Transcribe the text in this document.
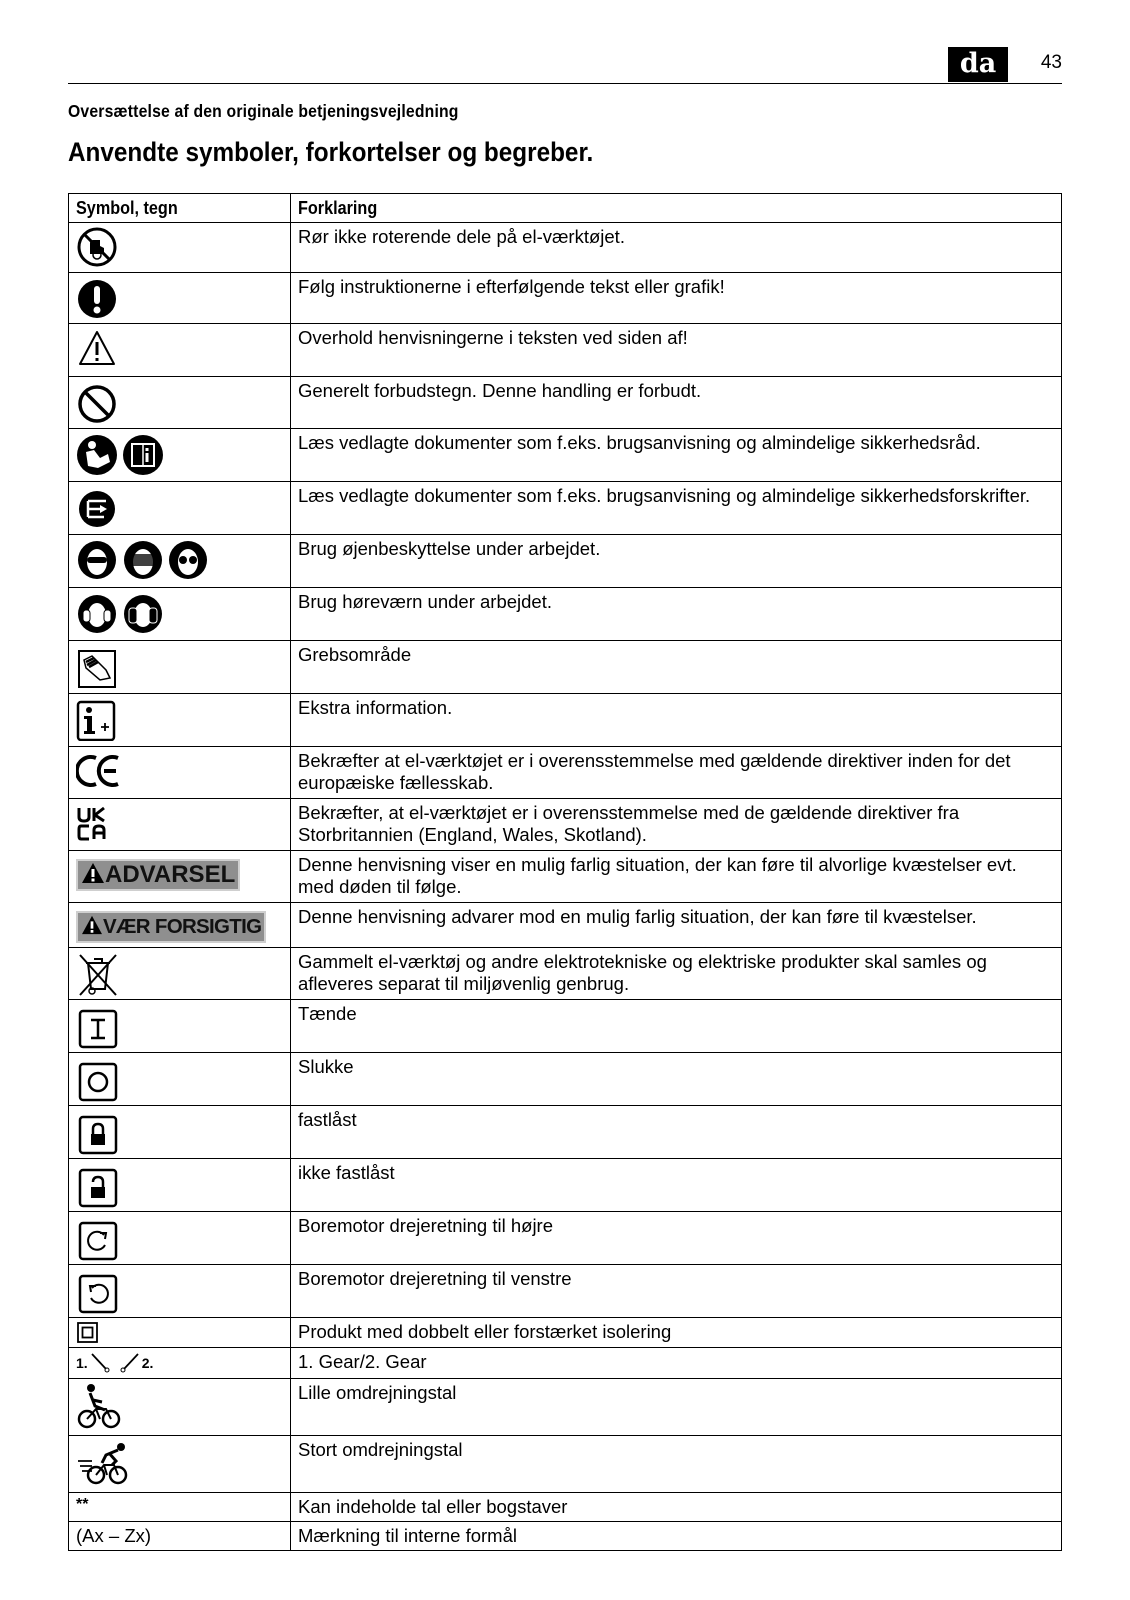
da	43
Oversættelse af den originale betjeningsvejledning
Anvendte symboler, forkortelser og begreber.
Symbol, tegn	Forklaring
	Rør ikke roterende dele på el-værktøjet.
	Følg instruktionerne i efterfølgende tekst eller grafik!
	Overhold henvisningerne i teksten ved siden af!
	Generelt forbudstegn. Denne handling er forbudt.
	Læs vedlagte dokumenter som f.eks. brugsanvisning og almindelige sikkerhedsråd.
	Læs vedlagte dokumenter som f.eks. brugsanvisning og almindelige sikkerhedsforskrifter.
	Brug øjenbeskyttelse under arbejdet.
	Brug høreværn under arbejdet.
	Grebsområde
	Ekstra information.
	Bekræfter at el-værktøjet er i overensstemmelse med gældende direktiver inden for det europæiske fællesskab.
	Bekræfter, at el-værktøjet er i overensstemmelse med de gældende direktiver fra Storbritannien (England, Wales, Skotland).
ADVARSEL	Denne henvisning viser en mulig farlig situation, der kan føre til alvorlige kvæstelser evt. med døden til følge.
VÆR FORSIGTIG	Denne henvisning advarer mod en mulig farlig situation, der kan føre til kvæstelser.
	Gammelt el-værktøj og andre elektrotekniske og elektriske produkter skal samles og afleveres separat til miljøvenlig genbrug.
	Tænde
	Slukke
	fastlåst
	ikke fastlåst
	Boremotor drejeretning til højre
	Boremotor drejeretning til venstre
	Produkt med dobbelt eller forstærket isolering
1. 2.	1. Gear/2. Gear
	Lille omdrejningstal
	Stort omdrejningstal
**	Kan indeholde tal eller bogstaver
(Ax – Zx)	Mærkning til interne formål
